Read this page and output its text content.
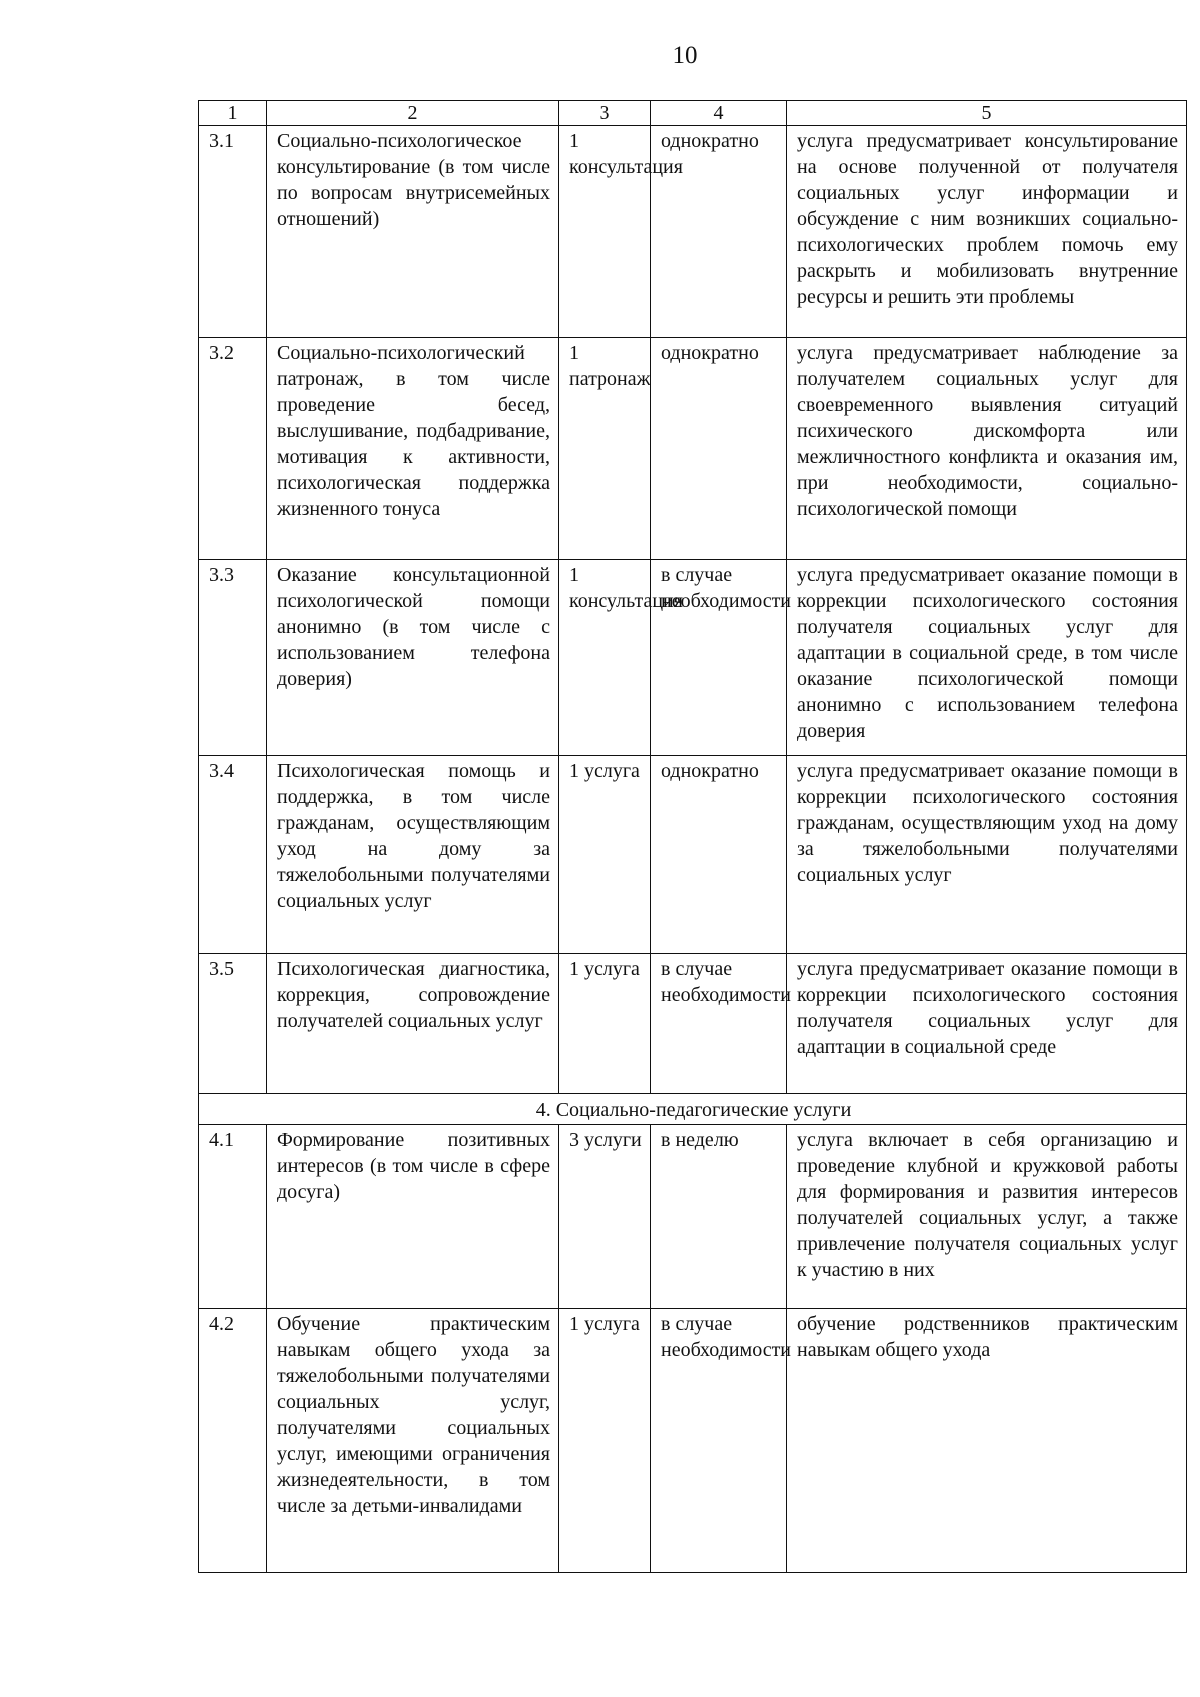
10
1	2	3	4	5
3.1	Социально-психологическое консультирование (в том числе по вопросам внутрисемейных отношений)	1 консультация	однократно	услуга предусматривает консультирование на основе полученной от получателя социальных услуг информации и обсуждение с ним возникших социально-психологических проблем помочь ему раскрыть и мобилизовать внутренние ресурсы и решить эти проблемы
3.2	Социально-психологический патронаж, в том числе проведение бесед, выслушивание, подбадривание, мотивация к активности, психологическая поддержка жизненного тонуса	1 патронаж	однократно	услуга предусматривает наблюдение за получателем социальных услуг для своевременного выявления ситуаций психического дискомфорта или межличностного конфликта и оказания им, при необходимости, социально-психологической помощи
3.3	Оказание консультационной психологической помощи анонимно (в том числе с использованием телефона доверия)	1 консультация	в случае необходимости	услуга предусматривает оказание помощи в коррекции психологического состояния получателя социальных услуг для адаптации в социальной среде, в том числе оказание психологической помощи анонимно с использованием телефона доверия
3.4	Психологическая помощь и поддержка, в том числе гражданам, осуществляющим уход на дому за тяжелобольными получателями социальных услуг	1 услуга	однократно	услуга предусматривает оказание помощи в коррекции психологического состояния гражданам, осуществляющим уход на дому за тяжелобольными получателями социальных услуг
3.5	Психологическая диагностика, коррекция, сопровождение получателей социальных услуг	1 услуга	в случае необходимости	услуга предусматривает оказание помощи в коррекции психологического состояния получателя социальных услуг для адаптации в социальной среде
4. Социально-педагогические услуги				
4.1	Формирование позитивных интересов (в том числе в сфере досуга)	3 услуги	в неделю	услуга включает в себя организацию и проведение клубной и кружковой работы для формирования и развития интересов получателей социальных услуг, а также привлечение получателя социальных услуг к участию в них
4.2	Обучение практическим навыкам общего ухода за тяжелобольными получателями социальных услуг, получателями социальных услуг, имеющими ограничения жизнедеятельности, в том числе за детьми-инвалидами	1 услуга	в случае необходимости	обучение родственников практическим навыкам общего ухода
